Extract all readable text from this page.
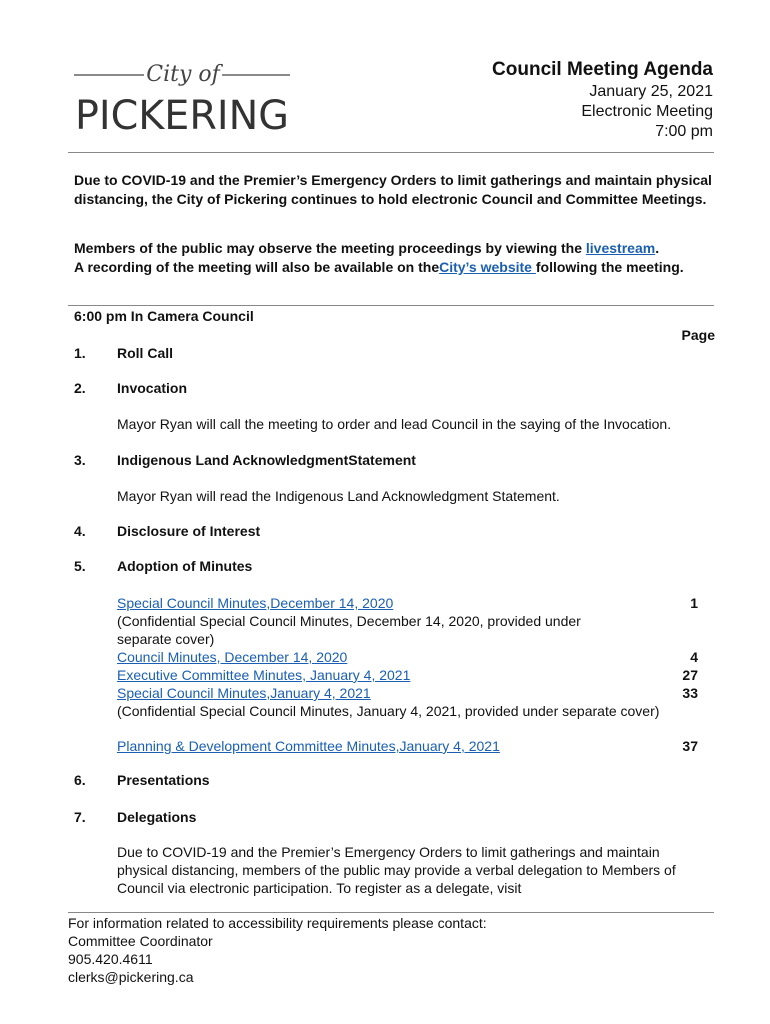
City of
PICKERING
Council Meeting Agenda
January 25, 2021
Electronic Meeting
7:00 pm
Due to COVID-19 and the Premier’s Emergency Orders to limit gatherings and maintain physical distancing, the City of Pickering continues to hold electronic Council and Committee Meetings.
Members of the public may observe the meeting proceedings by viewing the livestream.
A recording of the meeting will also be available on theCity’s website following the meeting.
6:00 pm In Camera Council
Page
1. Roll Call
2. Invocation
Mayor Ryan will call the meeting to order and lead Council in the saying of the Invocation.
3. Indigenous Land AcknowledgmentStatement
Mayor Ryan will read the Indigenous Land Acknowledgment Statement.
4. Disclosure of Interest
5. Adoption of Minutes
Special Council Minutes,December 14, 2020	1
(Confidential Special Council Minutes, December 14, 2020, provided under separate cover)
Council Minutes, December 14, 2020	4
Executive Committee Minutes, January 4, 2021	27
Special Council Minutes,January 4, 2021	33
(Confidential Special Council Minutes, January 4, 2021, provided under separate cover)
Planning & Development Committee Minutes,January 4, 2021	37
6. Presentations
7. Delegations
Due to COVID-19 and the Premier’s Emergency Orders to limit gatherings and maintain physical distancing, members of the public may provide a verbal delegation to Members of Council via electronic participation. To register as a delegate, visit
For information related to accessibility requirements please contact:
Committee Coordinator
905.420.4611
clerks@pickering.ca
